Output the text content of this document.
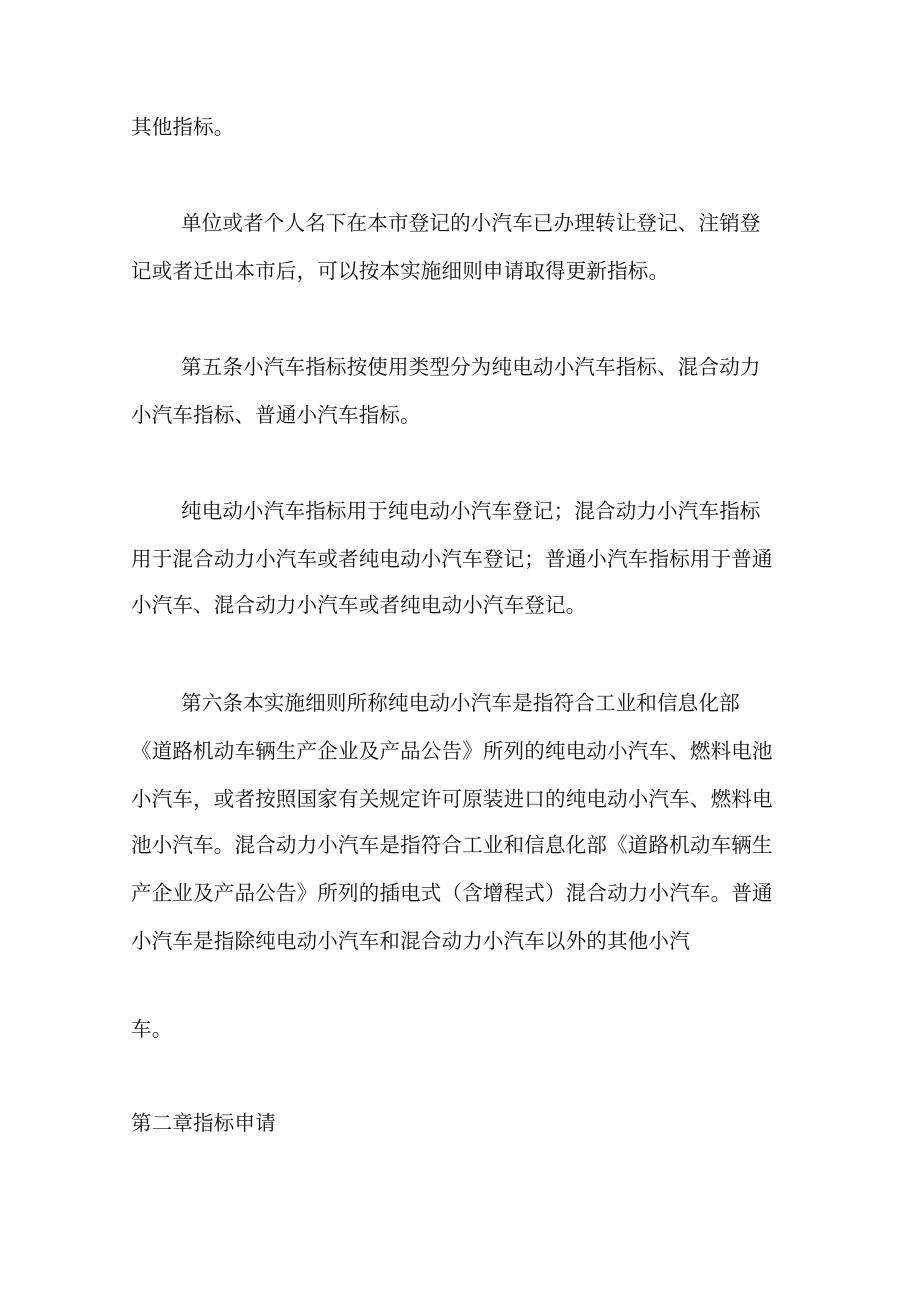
其他指标。

单位或者个人名下在本市登记的小汽车已办理转让登记、注销登

记或者迁出本市后，可以按本实施细则申请取得更新指标。

第五条小汽车指标按使用类型分为纯电动小汽车指标、混合动力

小汽车指标、普通小汽车指标。

纯电动小汽车指标用于纯电动小汽车登记；混合动力小汽车指标

用于混合动力小汽车或者纯电动小汽车登记；普通小汽车指标用于普通

小汽车、混合动力小汽车或者纯电动小汽车登记。

第六条本实施细则所称纯电动小汽车是指符合工业和信息化部

《道路机动车辆生产企业及产品公告》所列的纯电动小汽车、燃料电池

小汽车，或者按照国家有关规定许可原装进口的纯电动小汽车、燃料电

池小汽车。混合动力小汽车是指符合工业和信息化部《道路机动车辆生

产企业及产品公告》所列的插电式（含增程式）混合动力小汽车。普通

小汽车是指除纯电动小汽车和混合动力小汽车以外的其他小汽

车。

第二章指标申请
